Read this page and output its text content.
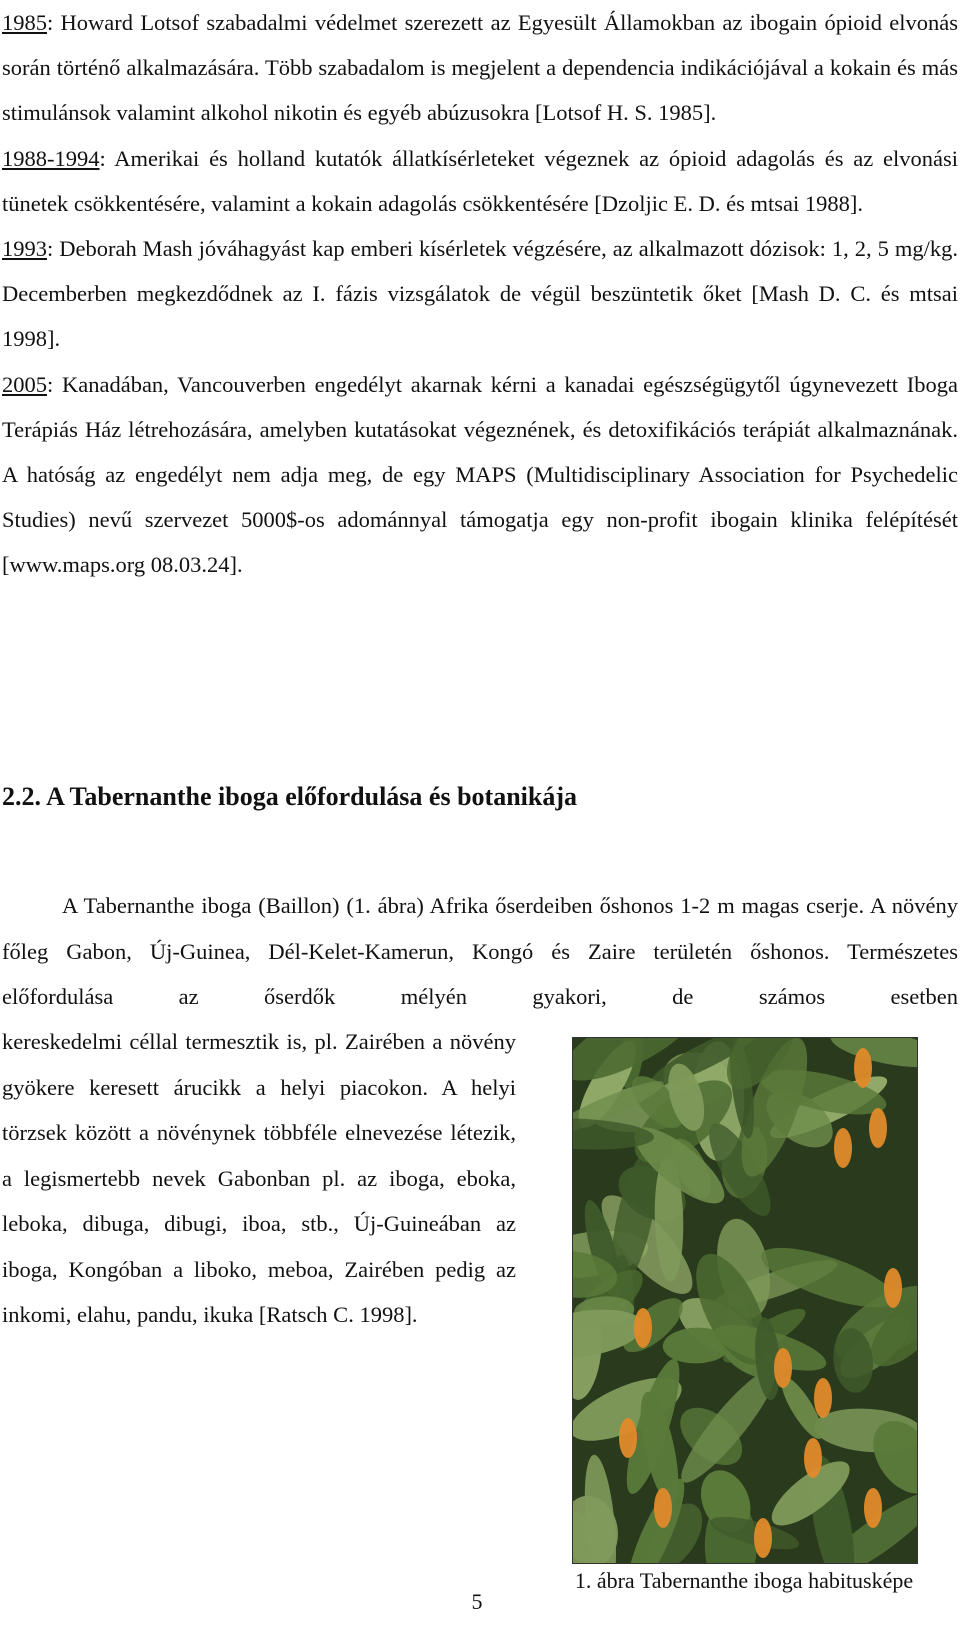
1985: Howard Lotsof szabadalmi védelmet szerezett az Egyesült Államokban az ibogain ópioid elvonás során történő alkalmazására. Több szabadalom is megjelent a dependencia indikációjával a kokain és más stimulánsok valamint alkohol nikotin és egyéb abúzusokra [Lotsof H. S. 1985].

1988-1994: Amerikai és holland kutatók állatkísérleteket végeznek az ópioid adagolás és az elvonási tünetek csökkentésére, valamint a kokain adagolás csökkentésére [Dzoljic E. D. és mtsai 1988].

1993: Deborah Mash jóváhagyást kap emberi kísérletek végzésére, az alkalmazott dózisok: 1, 2, 5 mg/kg. Decemberben megkezdődnek az I. fázis vizsgálatok de végül beszüntetik őket [Mash D. C. és mtsai 1998].

2005: Kanadában, Vancouverben engedélyt akarnak kérni a kanadai egészségügytől úgynevezett Iboga Terápiás Ház létrehozására, amelyben kutatásokat végeznének, és detoxifikációs terápiát alkalmaznának. A hatóság az engedélyt nem adja meg, de egy MAPS (Multidisciplinary Association for Psychedelic Studies) nevű szervezet 5000$-os adománnyal támogatja egy non-profit ibogain klinika felépítését [www.maps.org 08.03.24].

2.2. A Tabernanthe iboga előfordulása és botanikája

A Tabernanthe iboga (Baillon) (1. ábra) Afrika őserdeiben őshonos 1-2 m magas cserje. A növény főleg Gabon, Új-Guinea, Dél-Kelet-Kamerun, Kongó és Zaire területén őshonos. Természetes előfordulása az őserdők mélyén gyakori, de számos esetben

kereskedelmi céllal termesztik is, pl. Zairében a növény gyökere keresett árucikk a helyi piacokon. A helyi törzsek között a növénynek többféle elnevezése létezik, a legismertebb nevek Gabonban pl. az iboga, eboka, leboka, dibuga, dibugi, iboa, stb., Új-Guineában az iboga, Kongóban a liboko, meboa, Zairében pedig az inkomi, elahu, pandu, ikuka [Ratsch C. 1998].

1. ábra Tabernanthe iboga habitusképe

5
